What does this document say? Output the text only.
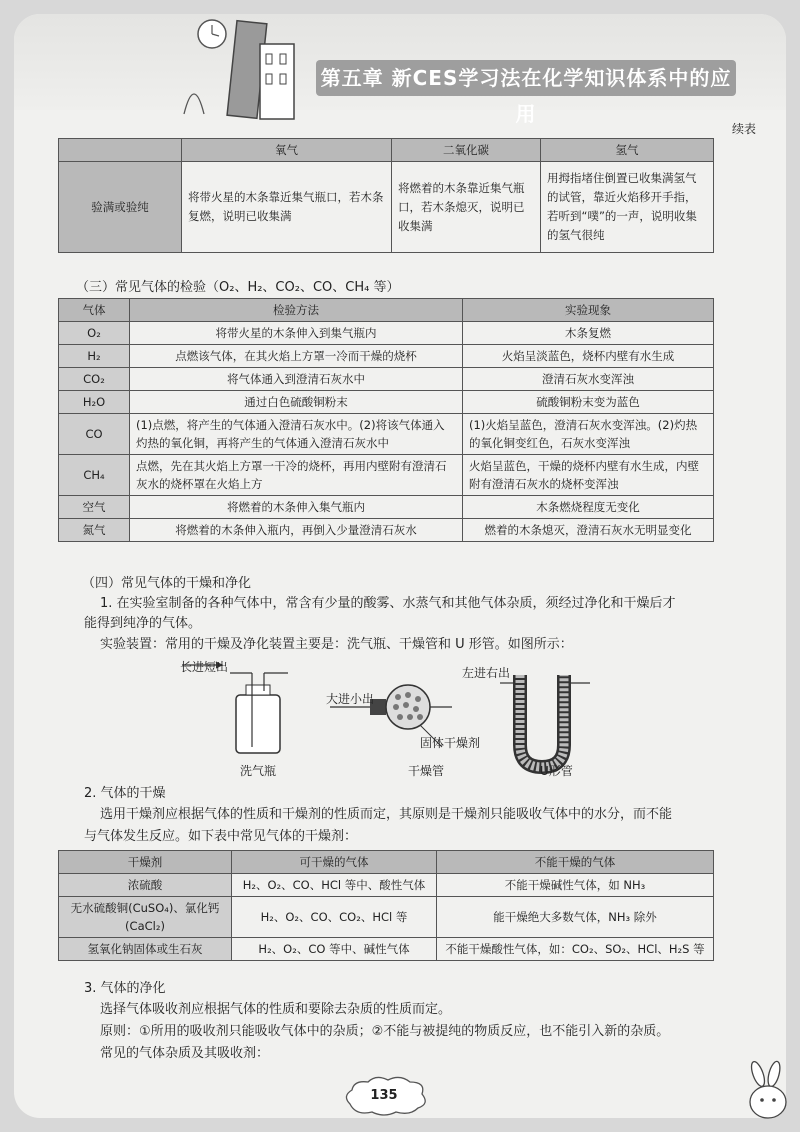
第五章 新CES学习法在化学知识体系中的应用
续表
	氧气	二氧化碳	氢气
验满或验纯	将带火星的木条靠近集气瓶口，若木条复燃，说明已收集满	将燃着的木条靠近集气瓶口，若木条熄灭，说明已收集满	用拇指堵住倒置已收集满氢气的试管，靠近火焰移开手指，若听到“噗”的一声，说明收集的氢气很纯
（三）常见气体的检验（O₂、H₂、CO₂、CO、CH₄ 等）
气体	检验方法	实验现象
O₂	将带火星的木条伸入到集气瓶内	木条复燃
H₂	点燃该气体，在其火焰上方罩一冷而干燥的烧杯	火焰呈淡蓝色，烧杯内壁有水生成
CO₂	将气体通入到澄清石灰水中	澄清石灰水变浑浊
H₂O	通过白色硫酸铜粉末	硫酸铜粉末变为蓝色
CO	(1)点燃，将产生的气体通入澄清石灰水中。(2)将该气体通入灼热的氧化铜，再将产生的气体通入澄清石灰水中	(1)火焰呈蓝色，澄清石灰水变浑浊。(2)灼热的氧化铜变红色，石灰水变浑浊
CH₄	点燃，先在其火焰上方罩一干冷的烧杯，再用内壁附有澄清石灰水的烧杯罩在火焰上方	火焰呈蓝色，干燥的烧杯内壁有水生成，内壁附有澄清石灰水的烧杯变浑浊
空气	将燃着的木条伸入集气瓶内	木条燃烧程度无变化
氮气	将燃着的木条伸入瓶内，再倒入少量澄清石灰水	燃着的木条熄灭，澄清石灰水无明显变化
（四）常见气体的干燥和净化
1. 在实验室制备的各种气体中，常含有少量的酸雾、水蒸气和其他气体杂质，须经过净化和干燥后才
能得到纯净的气体。
实验装置：常用的干燥及净化装置主要是：洗气瓶、干燥管和 U 形管。如图所示：
长进短出
洗气瓶
大进小出
干燥管
固体干燥剂
左进右出
U形管
2. 气体的干燥
选用干燥剂应根据气体的性质和干燥剂的性质而定，其原则是干燥剂只能吸收气体中的水分，而不能
与气体发生反应。如下表中常见气体的干燥剂：
干燥剂	可干燥的气体	不能干燥的气体
浓硫酸	H₂、O₂、CO、HCl 等中、酸性气体	不能干燥碱性气体，如 NH₃
无水硫酸铜(CuSO₄)、氯化钙(CaCl₂)	H₂、O₂、CO、CO₂、HCl 等	能干燥绝大多数气体，NH₃ 除外
氢氧化钠固体或生石灰	H₂、O₂、CO 等中、碱性气体	不能干燥酸性气体，如：CO₂、SO₂、HCl、H₂S 等
3. 气体的净化
选择气体吸收剂应根据气体的性质和要除去杂质的性质而定。
原则：①所用的吸收剂只能吸收气体中的杂质；②不能与被提纯的物质反应，也不能引入新的杂质。
常见的气体杂质及其吸收剂：
135
